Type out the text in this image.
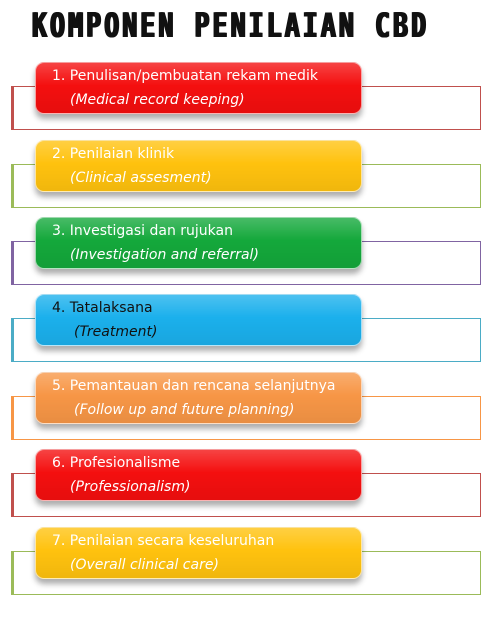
KOMPONEN PENILAIAN CBD
1. Penulisan/pembuatan rekam medik
(Medical record keeping)
2. Penilaian klinik
(Clinical assesment)
3. Investigasi dan rujukan
(Investigation and referral)
4. Tatalaksana
(Treatment)
5. Pemantauan dan rencana selanjutnya
(Follow up and future planning)
6. Profesionalisme
(Professionalism)
7. Penilaian secara keseluruhan
(Overall clinical care)
